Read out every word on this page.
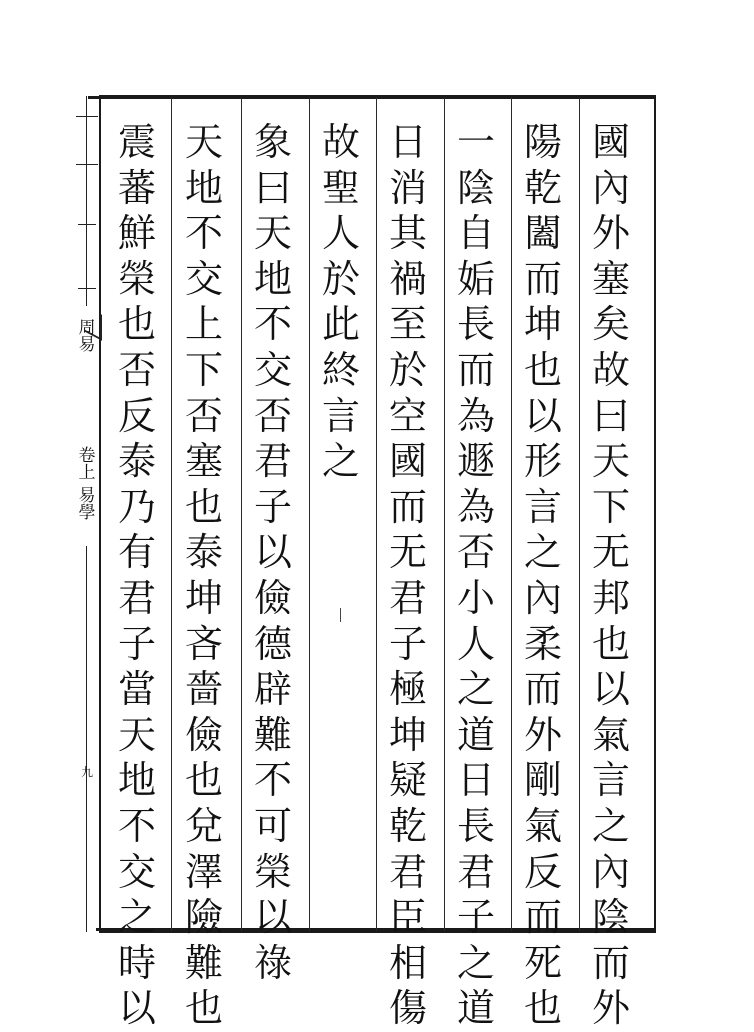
周易
卷上
易學
九
國
內
外
塞
矣
故
曰
天
下
无
邦
也
以
氣
言
之
內
陰
而
外
陽
乾
闔
而
坤
也
以
形
言
之
內
柔
而
外
剛
氣
反
而
死
也
一
陰
自
姤
長
而
為
遯
為
否
小
人
之
道
日
長
君
子
之
道
日
消
其
禍
至
於
空
國
而
无
君
子
極
坤
疑
乾
君
臣
相
傷
故
聖
人
於
此
終
言
之
象
曰
天
地
不
交
否
君
子
以
儉
德
辟
難
不
可
榮
以
祿
天
地
不
交
上
下
否
塞
也
泰
坤
吝
嗇
儉
也
兌
澤
險
難
也
震
蕃
鮮
榮
也
否
反
泰
乃
有
君
子
當
天
地
不
交
之
時
以
